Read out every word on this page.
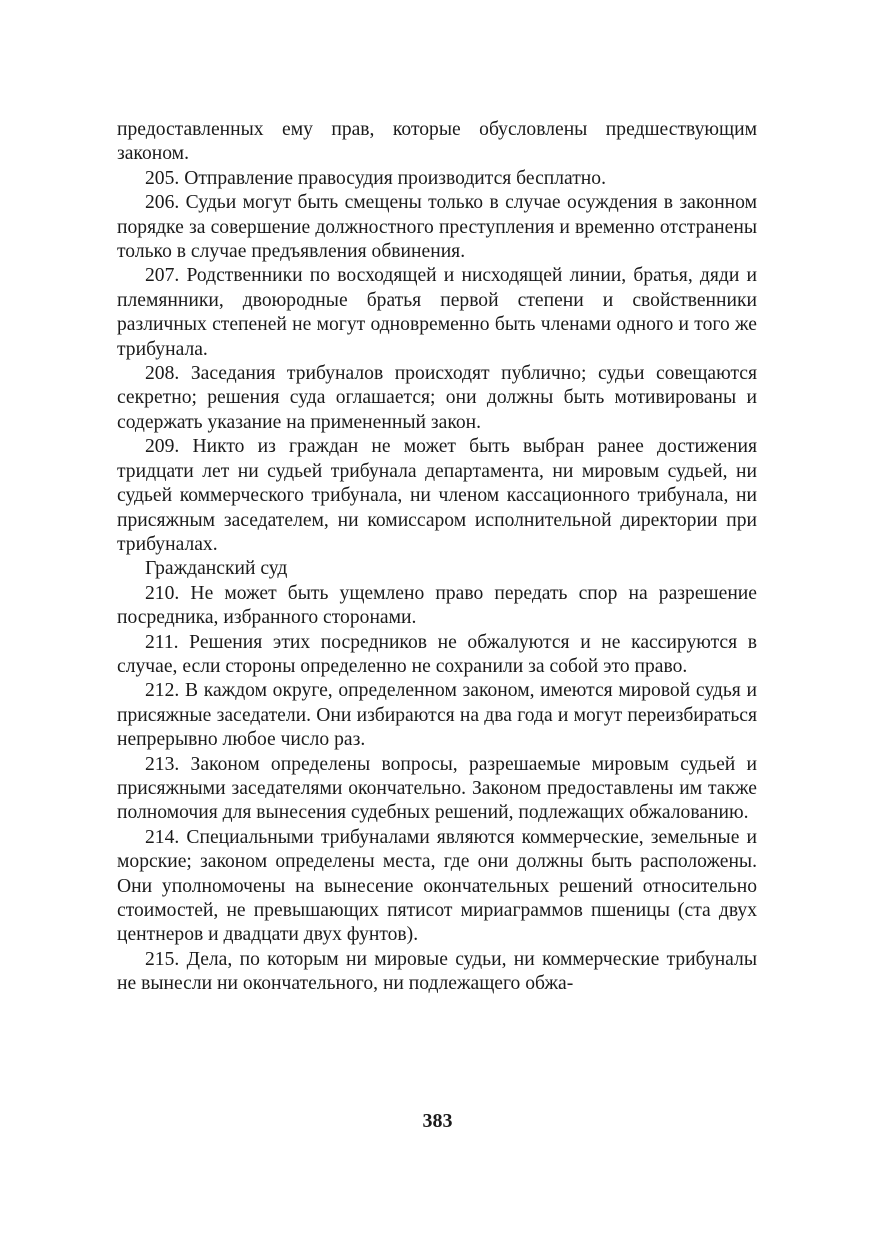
предоставленных ему прав, которые обусловлены предшествующим законом.

205. Отправление правосудия производится бесплатно.

206. Судьи могут быть смещены только в случае осуждения в законном порядке за совершение должностного преступления и временно отстранены только в случае предъявления обвинения.

207. Родственники по восходящей и нисходящей линии, братья, дяди и племянники, двоюродные братья первой степени и свойственники различных степеней не могут одновременно быть членами одного и того же трибунала.

208. Заседания трибуналов происходят публично; судьи совещаются секретно; решения суда оглашается; они должны быть мотивированы и содержать указание на примененный закон.

209. Никто из граждан не может быть выбран ранее достижения тридцати лет ни судьей трибунала департамента, ни мировым судьей, ни судьей коммерческого трибунала, ни членом кассационного трибунала, ни присяжным заседателем, ни комиссаром исполнительной директории при трибуналах.

Гражданский суд

210. Не может быть ущемлено право передать спор на разрешение посредника, избранного сторонами.

211. Решения этих посредников не обжалуются и не кассируются в случае, если стороны определенно не сохранили за собой это право.

212. В каждом округе, определенном законом, имеются мировой судья и присяжные заседатели. Они избираются на два года и могут переизбираться непрерывно любое число раз.

213. Законом определены вопросы, разрешаемые мировым судьей и присяжными заседателями окончательно. Законом предоставлены им также полномочия для вынесения судебных решений, подлежащих обжалованию.

214. Специальными трибуналами являются коммерческие, земельные и морские; законом определены места, где они должны быть расположены. Они уполномочены на вынесение окончательных решений относительно стоимостей, не превышающих пятисот мириаграммов пшеницы (ста двух центнеров и двадцати двух фунтов).

215. Дела, по которым ни мировые судьи, ни коммерческие трибуналы не вынесли ни окончательного, ни подлежащего обжа-

383
